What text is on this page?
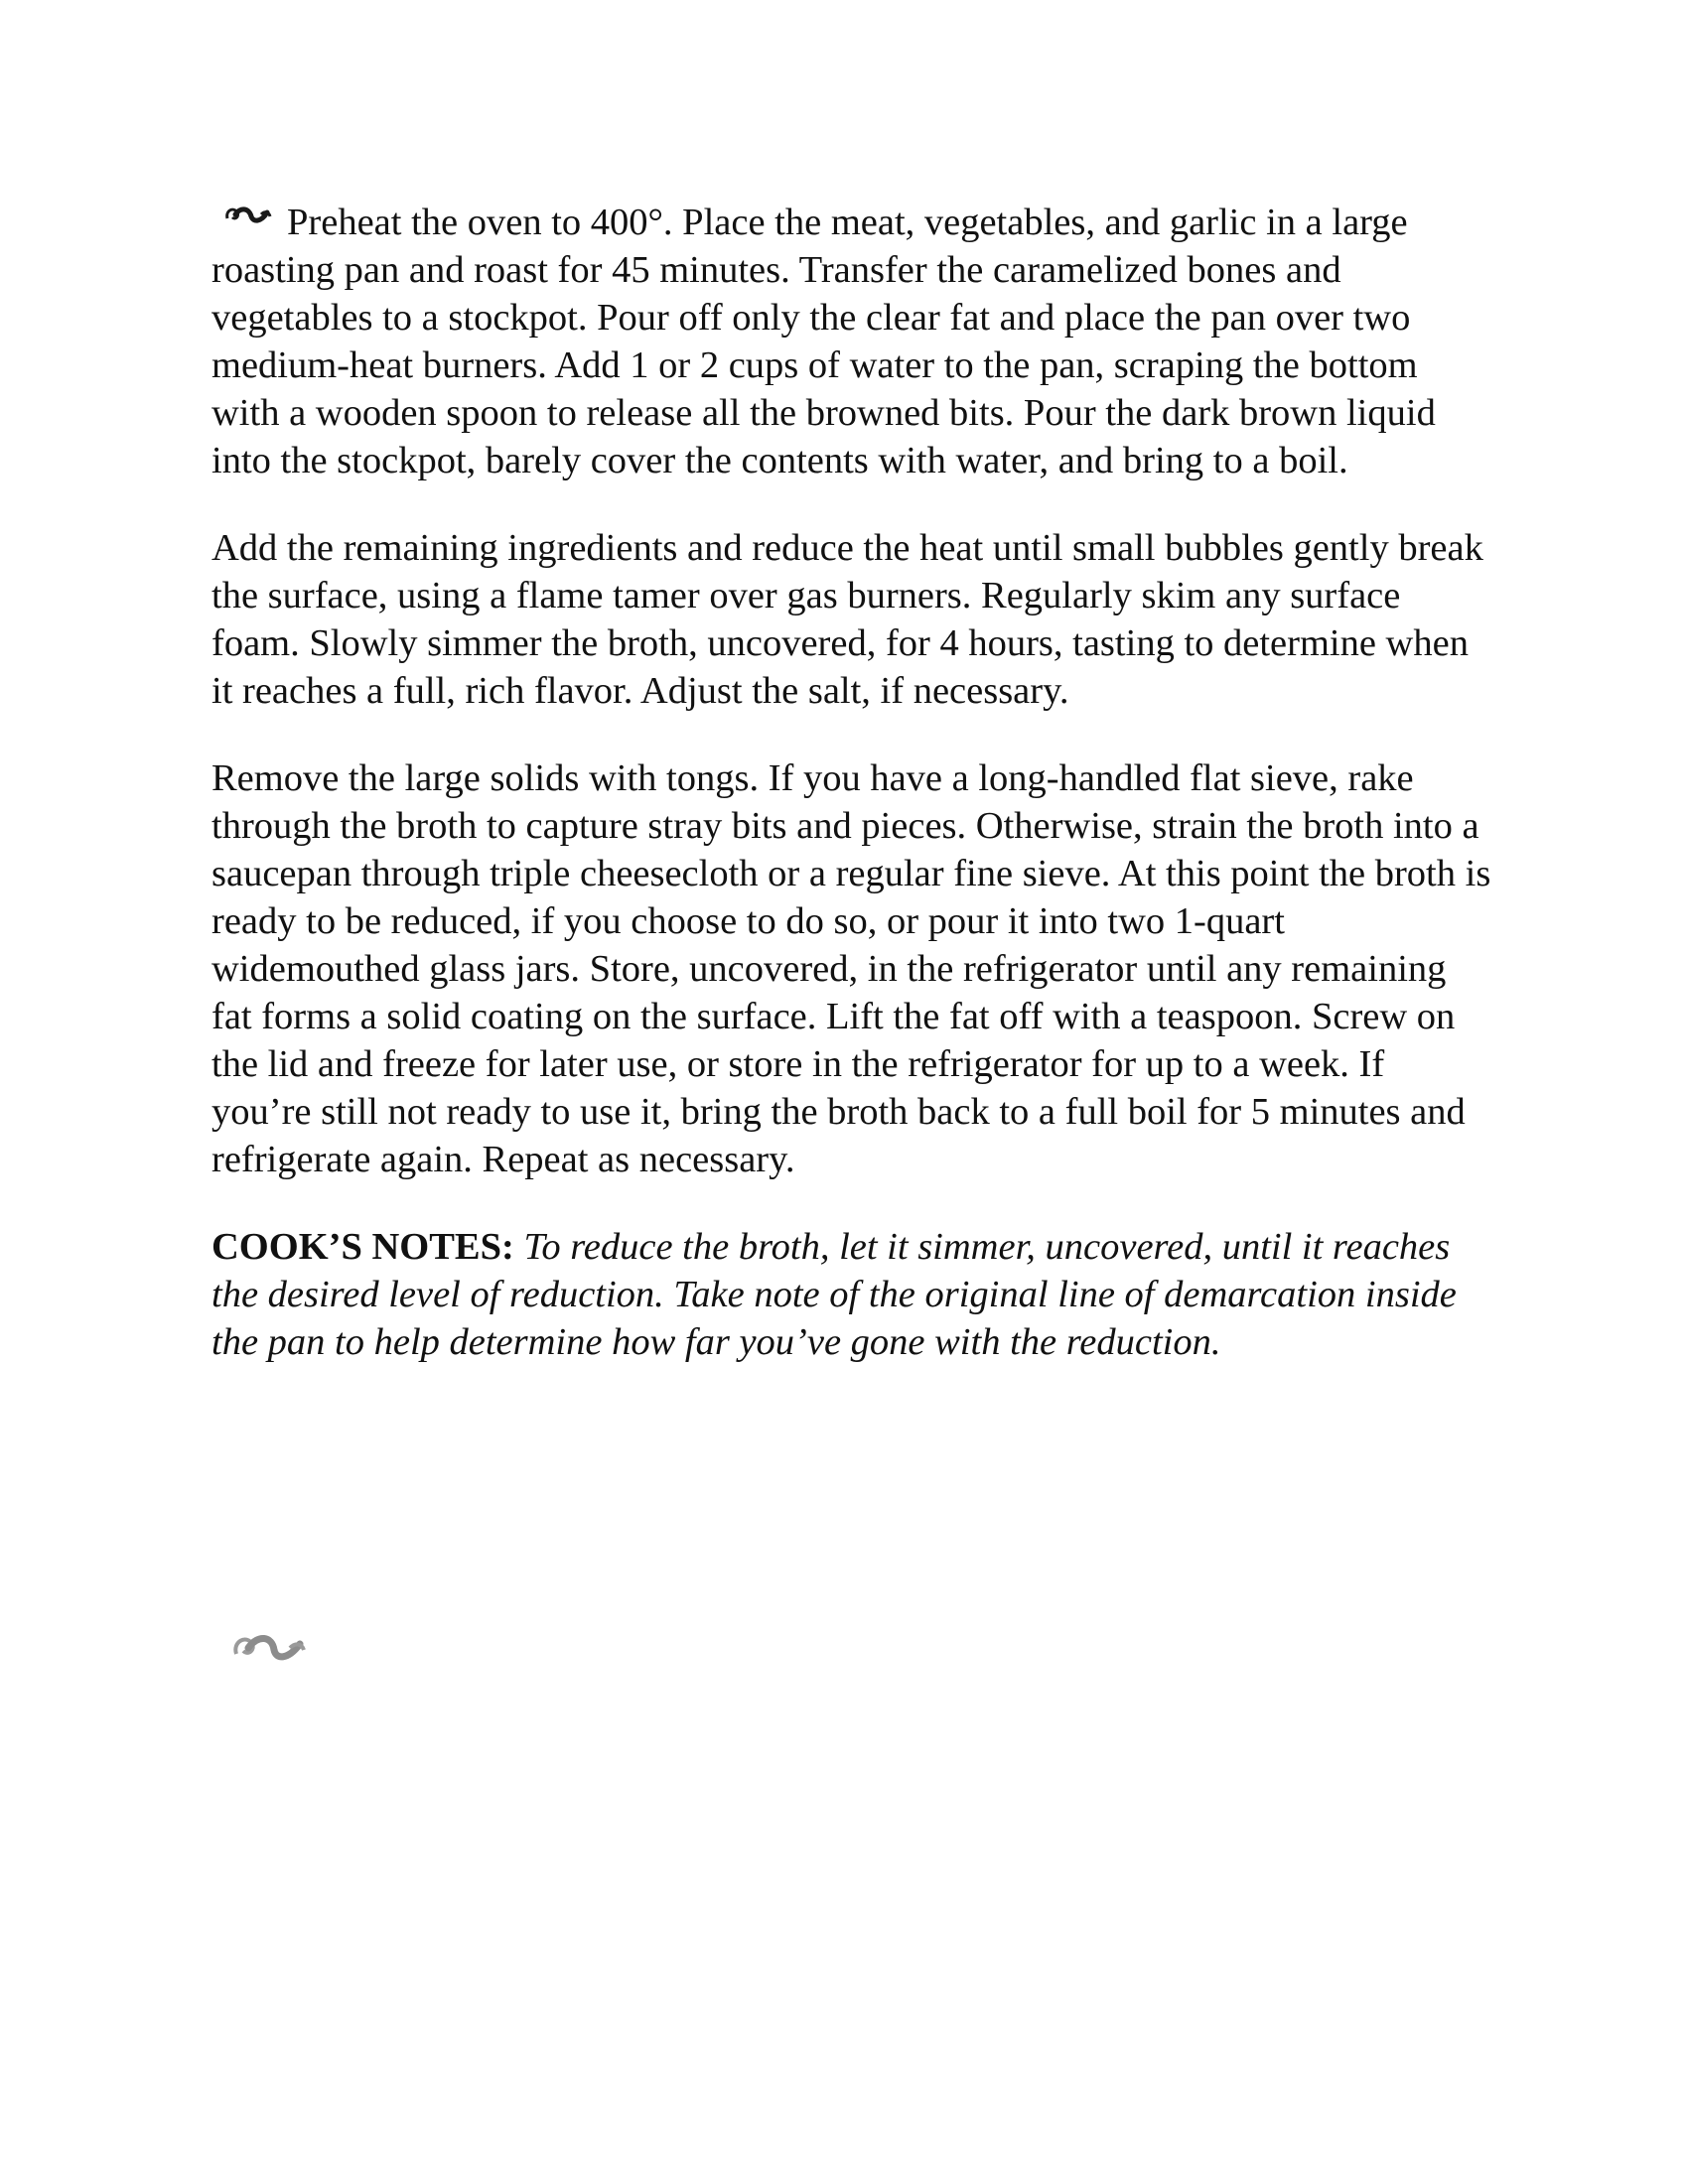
Preheat the oven to 400°. Place the meat, vegetables, and garlic in a large roasting pan and roast for 45 minutes. Transfer the caramelized bones and vegetables to a stockpot. Pour off only the clear fat and place the pan over two medium-heat burners. Add 1 or 2 cups of water to the pan, scraping the bottom with a wooden spoon to release all the browned bits. Pour the dark brown liquid into the stockpot, barely cover the contents with water, and bring to a boil.

Add the remaining ingredients and reduce the heat until small bubbles gently break the surface, using a flame tamer over gas burners. Regularly skim any surface foam. Slowly simmer the broth, uncovered, for 4 hours, tasting to determine when it reaches a full, rich flavor. Adjust the salt, if necessary.

Remove the large solids with tongs. If you have a long-handled flat sieve, rake through the broth to capture stray bits and pieces. Otherwise, strain the broth into a saucepan through triple cheesecloth or a regular fine sieve. At this point the broth is ready to be reduced, if you choose to do so, or pour it into two 1-quart widemouthed glass jars. Store, uncovered, in the refrigerator until any remaining fat forms a solid coating on the surface. Lift the fat off with a teaspoon. Screw on the lid and freeze for later use, or store in the refrigerator for up to a week. If you’re still not ready to use it, bring the broth back to a full boil for 5 minutes and refrigerate again. Repeat as necessary.

COOK’S NOTES: To reduce the broth, let it simmer, uncovered, until it reaches the desired level of reduction. Take note of the original line of demarcation inside the pan to help determine how far you’ve gone with the reduction.
